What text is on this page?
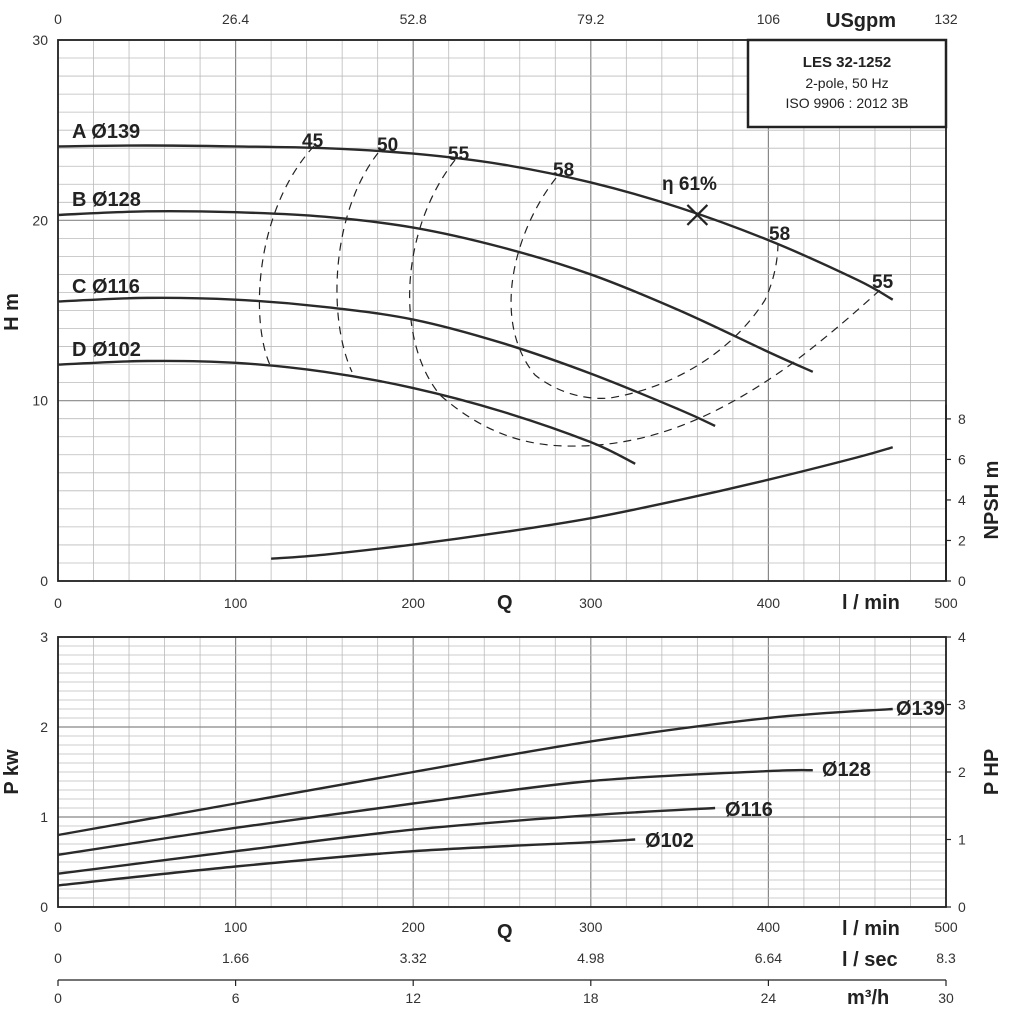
45	50	55
58
58
55
η 61%
A Ø139
B Ø128
C Ø116
D Ø102
LES 32-1252
2-pole, 50 Hz
ISO 9906 : 2012 3B
USgpm
Q	l / min
H m
NPSH m
Ø139
Ø128
Ø116
Ø102
Q	l / min
l / sec
m³/h
P kw	P HP
0	26.4	52.8	79.2	106	132
0	100	200	300	400	500
0
10
20
30
0
2
4
6
8
0	100	200	300	400	500
0	1.66	3.32	4.98	6.64	8.3
0	6	12	18	24	30
0
1
2
3
0
1
2
3
4
